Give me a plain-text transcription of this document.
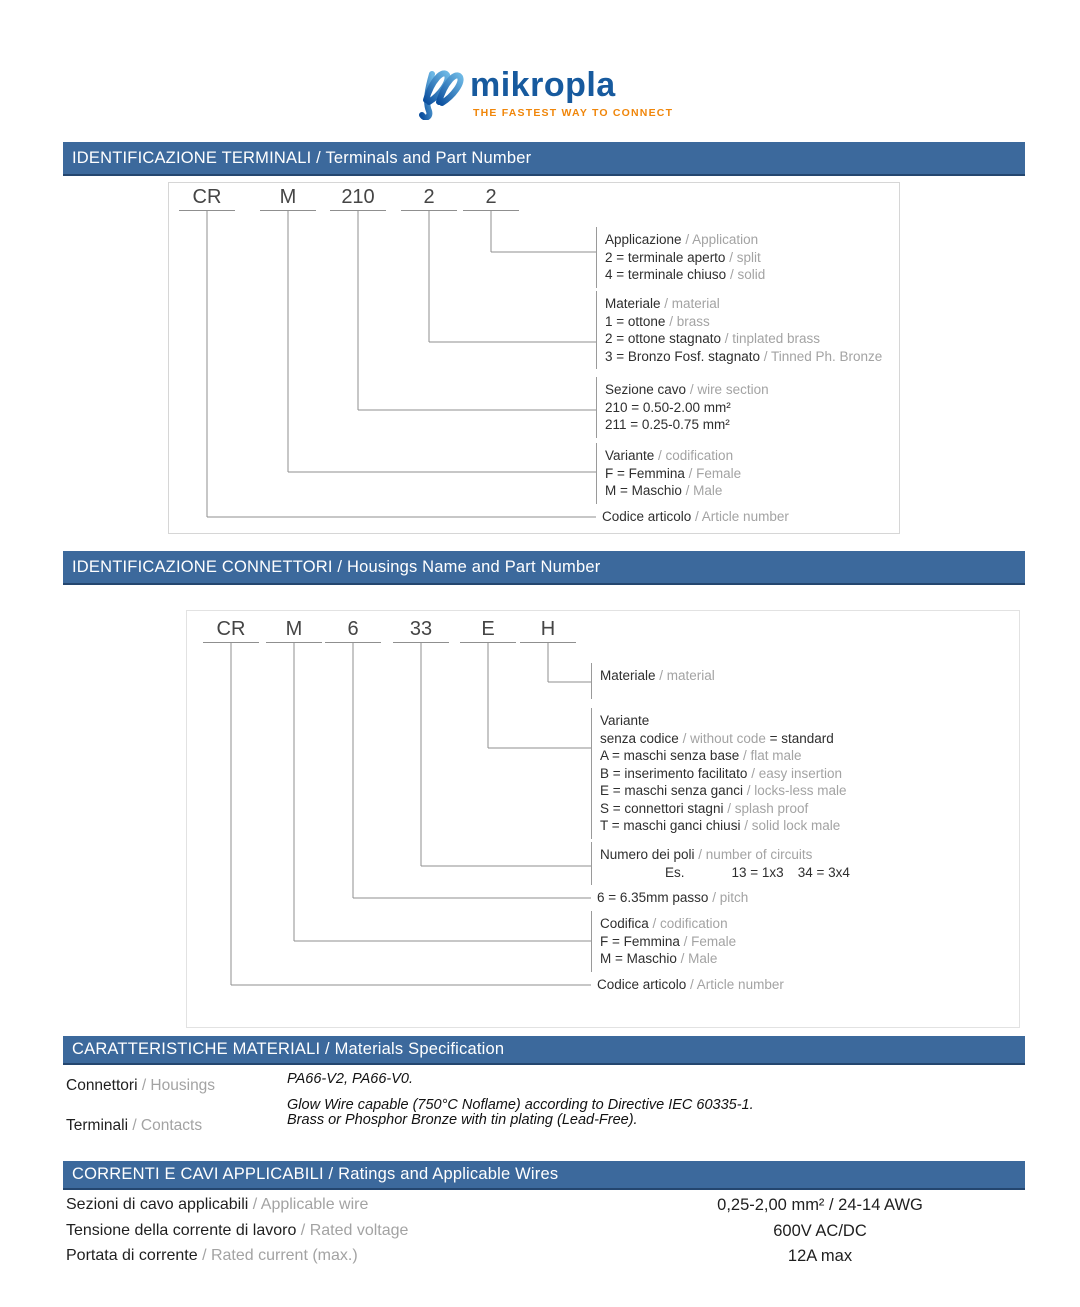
mikropla
THE FASTEST WAY TO CONNECT
IDENTIFICAZIONE TERMINALI / Terminals and Part Number
CR	M	210	2	2
Applicazione / Application
2 = terminale aperto / split
4 = terminale chiuso / solid
Materiale / material
1 = ottone / brass
2 = ottone stagnato / tinplated brass
3 = Bronzo Fosf. stagnato / Tinned Ph. Bronze
Sezione cavo / wire section
210 = 0.50-2.00 mm²
211 = 0.25-0.75 mm²
Variante / codification
F = Femmina / Female
M = Maschio / Male
Codice articolo / Article number
IDENTIFICAZIONE CONNETTORI / Housings Name and Part Number
CR	M	6	33	E	H
Materiale / material
Variante
senza codice / without code = standard
A = maschi senza base / flat male
B = inserimento facilitato / easy insertion
E = maschi senza ganci / locks-less male
S = connettori stagni / splash proof
T = maschi ganci chiusi / solid lock male
Numero dei poli / number of circuits
Es.	13 = 1x3 34 = 3x4
6 = 6.35mm passo / pitch
Codifica / codification
F = Femmina / Female
M = Maschio / Male
Codice articolo / Article number
CARATTERISTICHE MATERIALI / Materials Specification
Connettori / Housings	PA66-V2, PA66-V0.
Glow Wire capable (750°C Noflame) according to Directive IEC 60335-1.
Terminali / Contacts	Brass or Phosphor Bronze with tin plating (Lead-Free).
CORRENTI E CAVI APPLICABILI / Ratings and Applicable Wires
Sezioni di cavo applicabili / Applicable wire	0,25-2,00 mm² / 24-14 AWG
Tensione della corrente di lavoro / Rated voltage	600V AC/DC
Portata di corrente / Rated current (max.)	12A max
